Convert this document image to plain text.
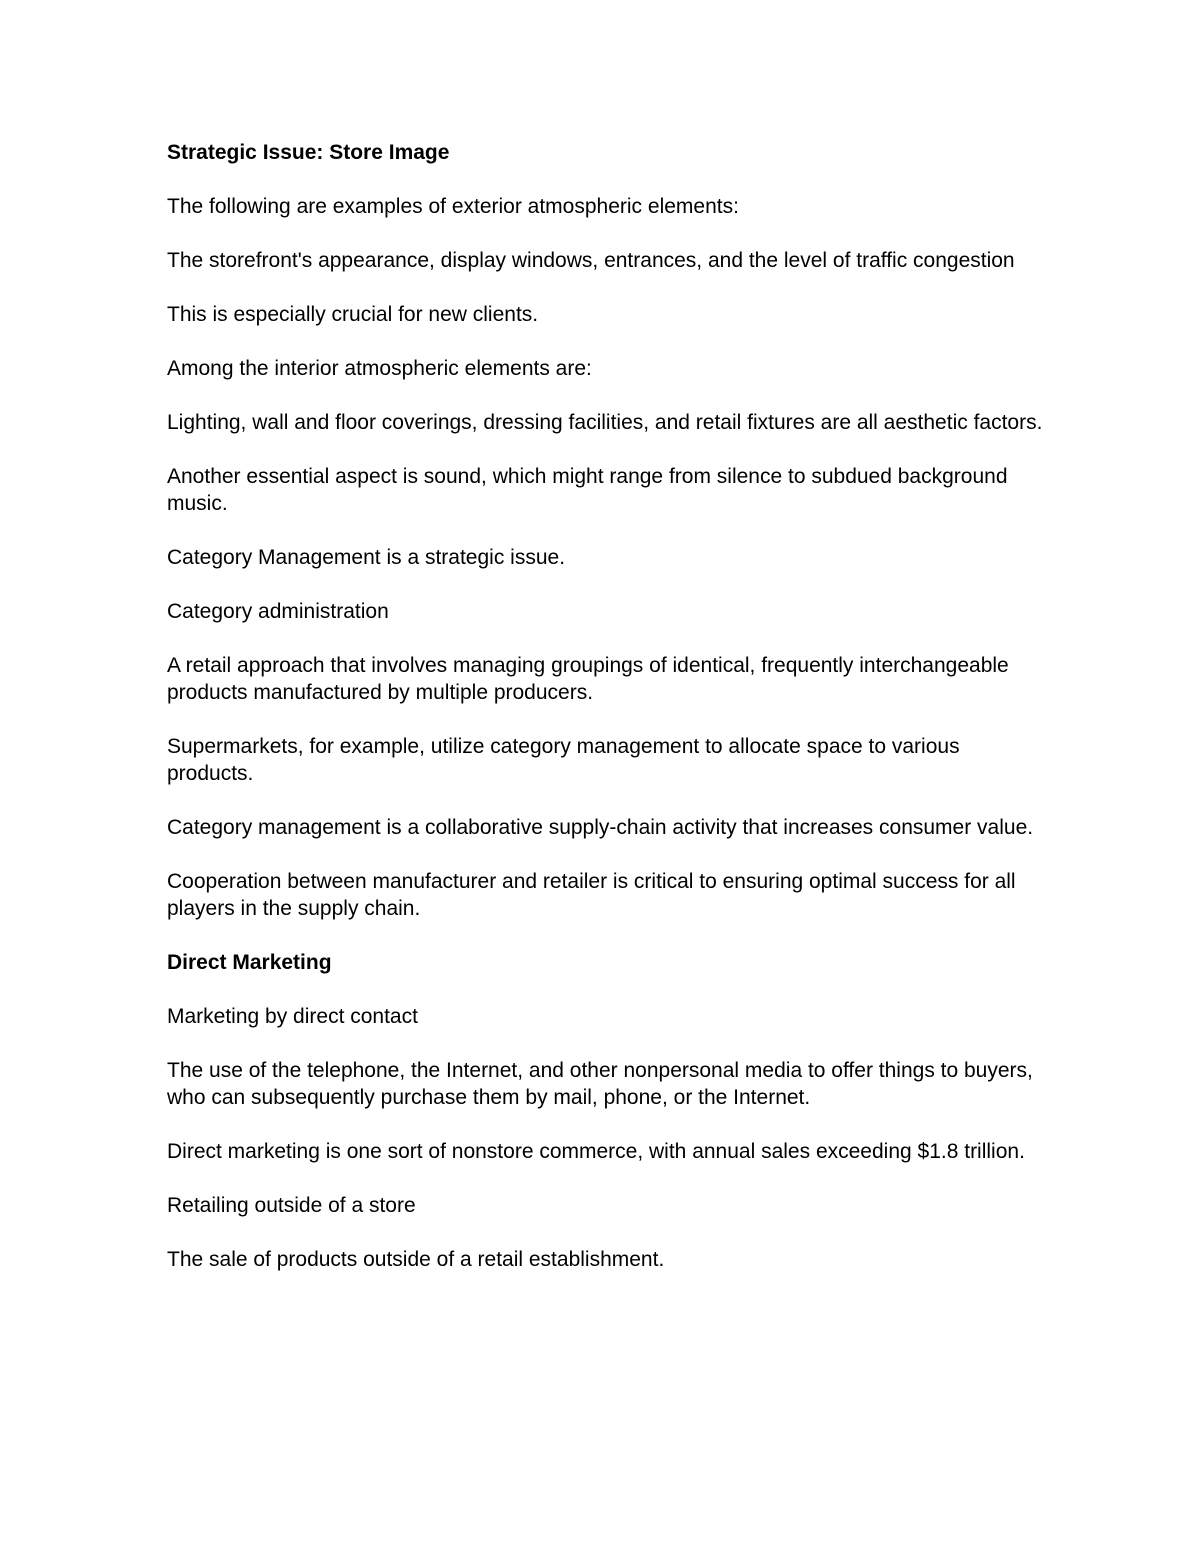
Strategic Issue: Store Image
The following are examples of exterior atmospheric elements:
The storefront's appearance, display windows, entrances, and the level of traffic congestion
This is especially crucial for new clients.
Among the interior atmospheric elements are:
Lighting, wall and floor coverings, dressing facilities, and retail fixtures are all aesthetic factors.
Another essential aspect is sound, which might range from silence to subdued background music.
Category Management is a strategic issue.
Category administration
A retail approach that involves managing groupings of identical, frequently interchangeable products manufactured by multiple producers.
Supermarkets, for example, utilize category management to allocate space to various products.
Category management is a collaborative supply-chain activity that increases consumer value.
Cooperation between manufacturer and retailer is critical to ensuring optimal success for all players in the supply chain.
Direct Marketing
Marketing by direct contact
The use of the telephone, the Internet, and other nonpersonal media to offer things to buyers, who can subsequently purchase them by mail, phone, or the Internet.
Direct marketing is one sort of nonstore commerce, with annual sales exceeding $1.8 trillion.
Retailing outside of a store
The sale of products outside of a retail establishment.
